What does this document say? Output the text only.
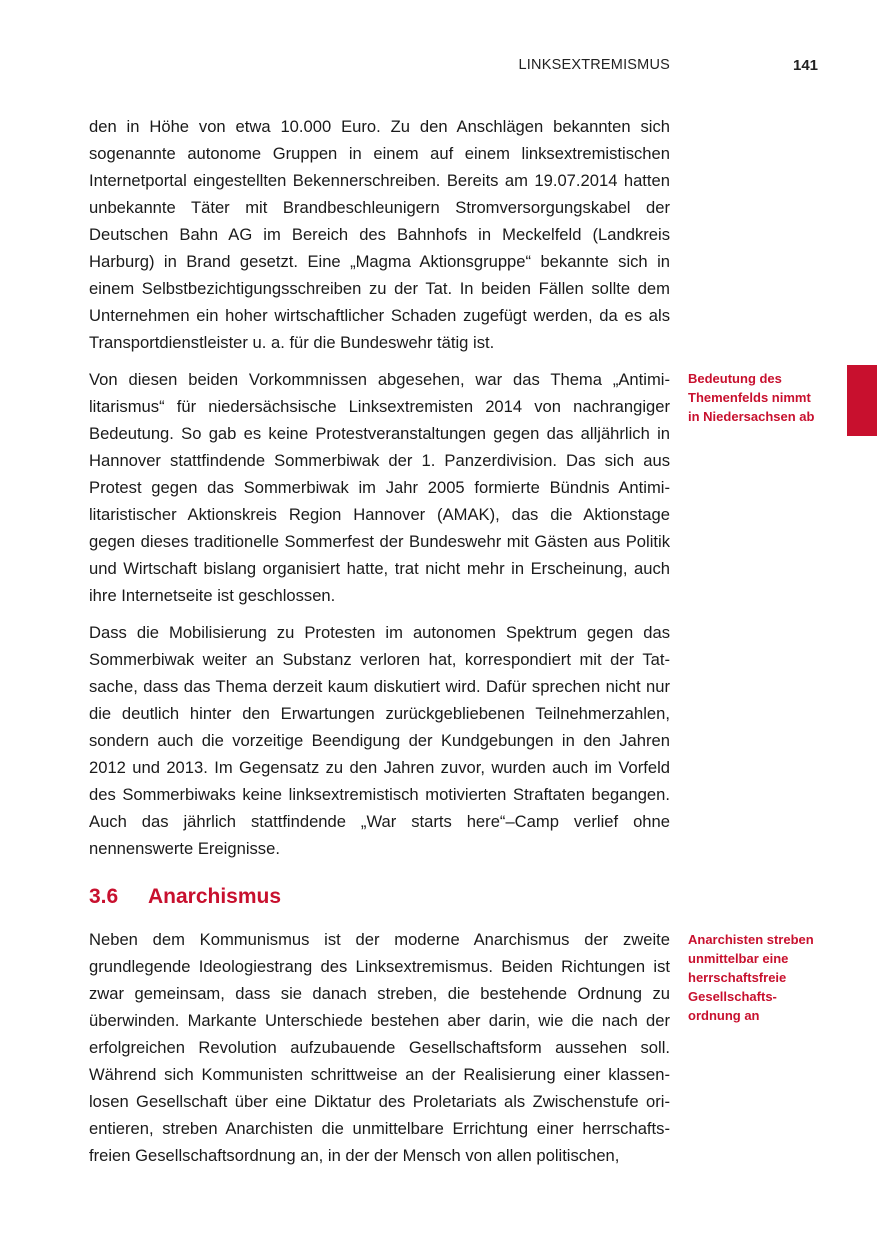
LINKSEXTREMISMUS	141

den in Höhe von etwa 10.000 Euro. Zu den Anschlägen bekannten sich sogenannte autonome Gruppen in einem auf einem linksextremistischen Internetportal eingestellten Bekennerschreiben. Bereits am 19.07.2014 hatten unbekannte Täter mit Brandbeschleunigern Stromversorgungskabel der Deutschen Bahn AG im Bereich des Bahnhofs in Meckelfeld (Landkreis Harburg) in Brand gesetzt. Eine „Magma Aktionsgruppe“ bekannte sich in einem Selbstbezichtigungsschreiben zu der Tat. In beiden Fällen sollte dem Unternehmen ein hoher wirtschaftlicher Schaden zugefügt werden, da es als Transportdienstleister u. a. für die Bundeswehr tätig ist.

Von diesen beiden Vorkommnissen abgesehen, war das Thema „Antimilitarismus“ für niedersächsische Linksextremisten 2014 von nachrangiger Bedeutung. So gab es keine Protestveranstaltungen gegen das alljährlich in Hannover stattfindende Sommerbiwak der 1. Panzerdivision. Das sich aus Protest gegen das Sommerbiwak im Jahr 2005 formierte Bündnis Antimilitaristischer Aktionskreis Region Hannover (AMAK), das die Aktionstage gegen dieses traditionelle Sommerfest der Bundeswehr mit Gästen aus Politik und Wirtschaft bislang organisiert hatte, trat nicht mehr in Erscheinung, auch ihre Internetseite ist geschlossen.

Dass die Mobilisierung zu Protesten im autonomen Spektrum gegen das Sommerbiwak weiter an Substanz verloren hat, korrespondiert mit der Tatsache, dass das Thema derzeit kaum diskutiert wird. Dafür sprechen nicht nur die deutlich hinter den Erwartungen zurückgebliebenen Teilnehmerzahlen, sondern auch die vorzeitige Beendigung der Kundgebungen in den Jahren 2012 und 2013. Im Gegensatz zu den Jahren zuvor, wurden auch im Vorfeld des Sommerbiwaks keine linksextremistisch motivierten Straftaten begangen. Auch das jährlich stattfindende „War starts here“–Camp verlief ohne nennenswerte Ereignisse.

3.6 Anarchismus

Neben dem Kommunismus ist der moderne Anarchismus der zweite grundlegende Ideologiestrang des Linksextremismus. Beiden Richtungen ist zwar gemeinsam, dass sie danach streben, die bestehende Ordnung zu überwinden. Markante Unterschiede bestehen aber darin, wie die nach der erfolgreichen Revolution aufzubauende Gesellschaftsform aussehen soll. Während sich Kommunisten schrittweise an der Realisierung einer klassenlosen Gesellschaft über eine Diktatur des Proletariats als Zwischenstufe orientieren, streben Anarchisten die unmittelbare Errichtung einer herrschaftsfreien Gesellschaftsordnung an, in der der Mensch von allen politischen,

Bedeutung des Themenfelds nimmt in Niedersachsen ab
Anarchisten streben unmittelbar eine herrschaftsfreie Gesellschaftsordnung an
